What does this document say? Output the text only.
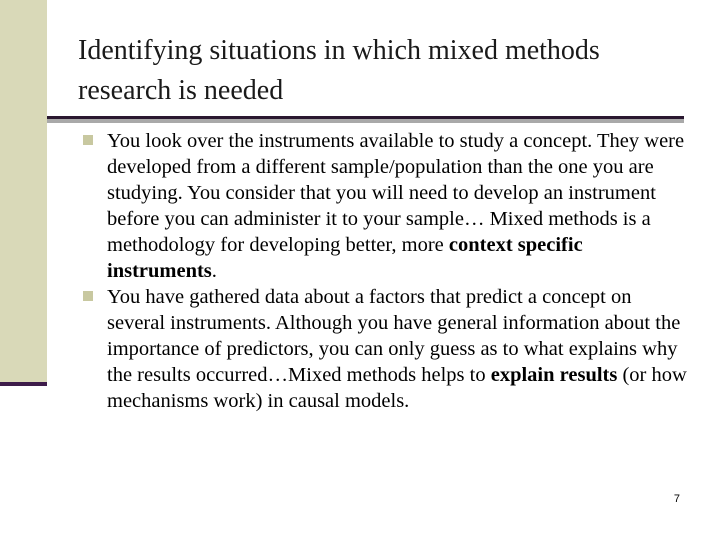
Identifying situations in which mixed methods research is needed
You look over the instruments available to study a concept. They were developed from a different sample/population than the one you are studying. You consider that you will need to develop an instrument before you can administer it to your sample… Mixed methods is a methodology for developing better, more context specific instruments.
You have gathered data about a factors that predict a concept on several instruments. Although you have general information about the importance of predictors, you can only guess as to what explains why the results occurred…Mixed methods helps to explain results (or how mechanisms work) in causal models.
7
